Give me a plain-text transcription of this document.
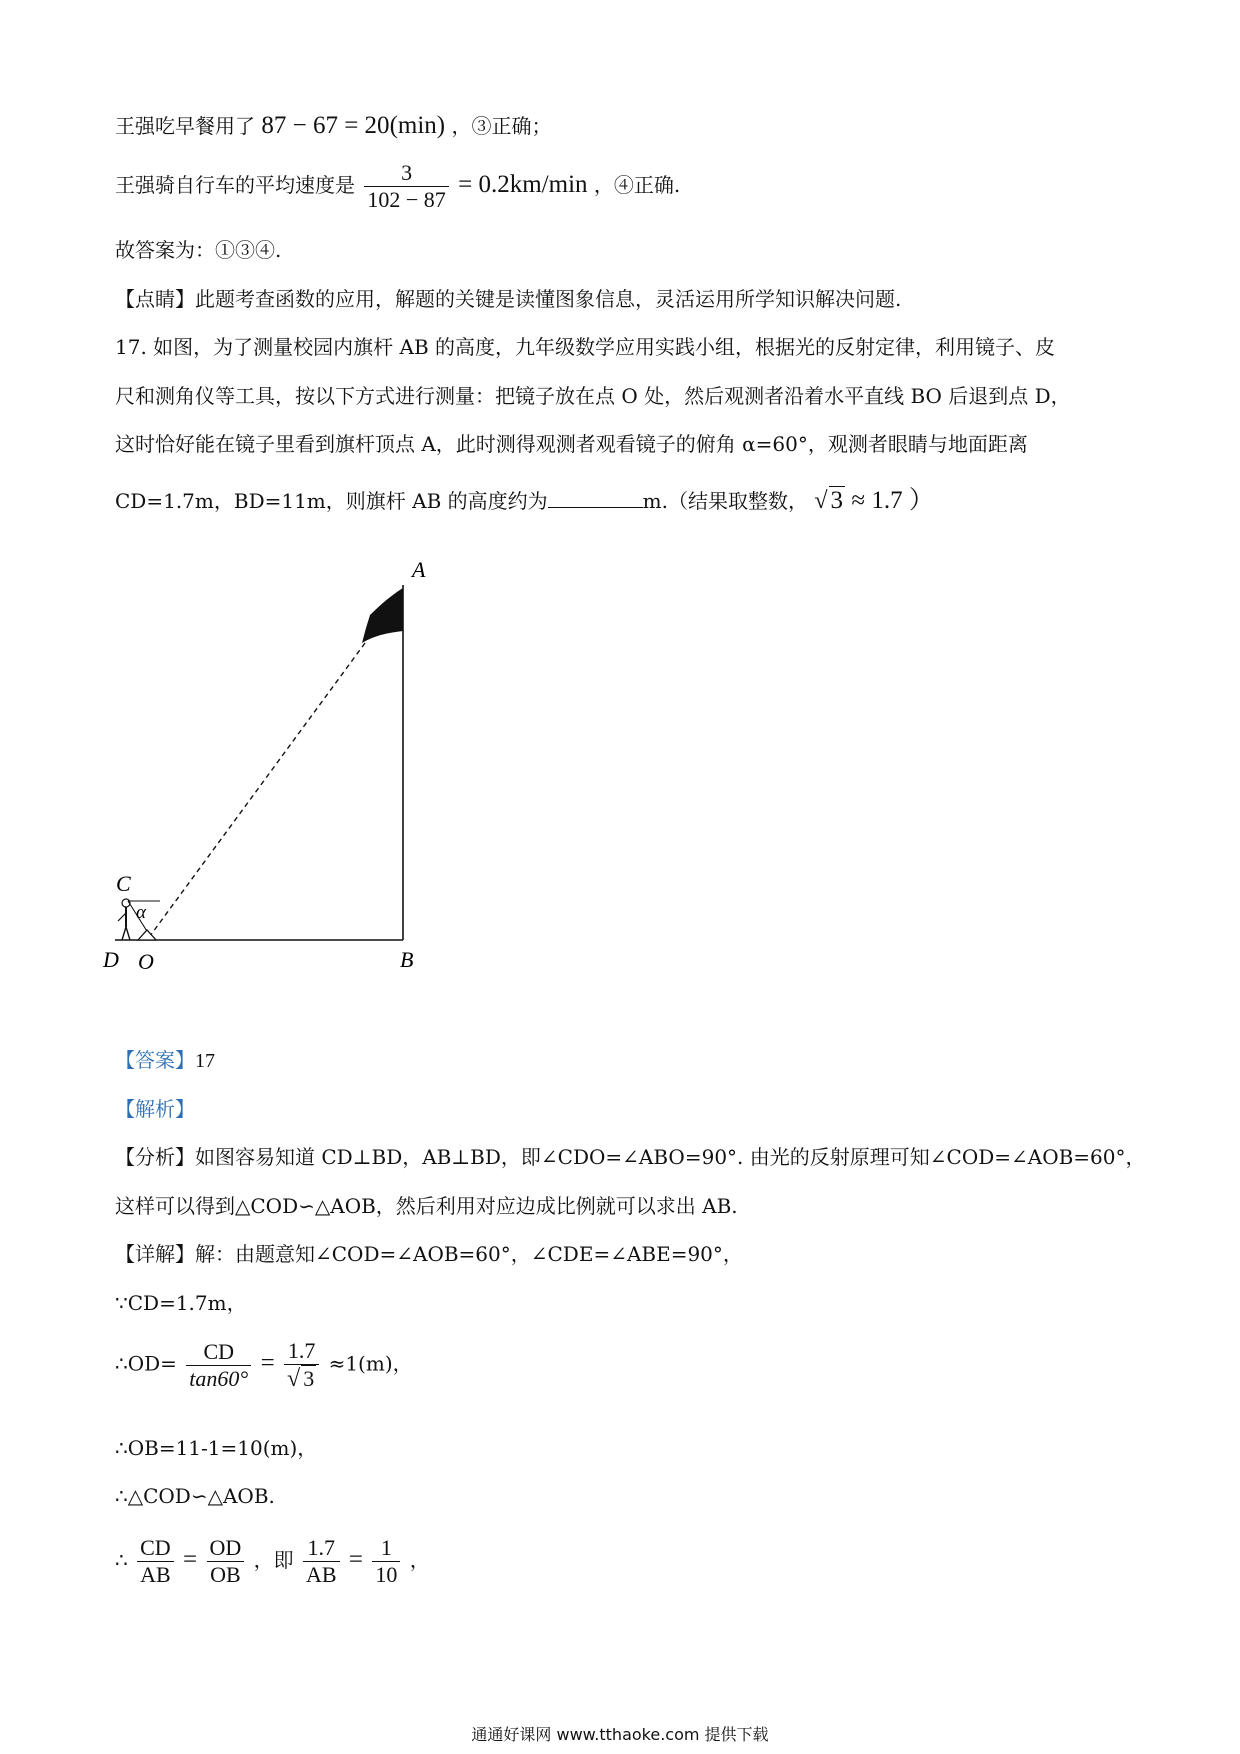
王强吃早餐用了 87 − 67 = 20(min) ，③正确；
王强骑自行车的平均速度是 $\frac{3}{102 - 87} = 0.2km/\min$ ，④正确.
故答案为：①③④.
【点睛】此题考查函数的应用，解题的关键是读懂图象信息，灵活运用所学知识解决问题.
17. 如图，为了测量校园内旗杆 AB 的高度，九年级数学应用实践小组，根据光的反射定律，利用镜子、皮
尺和测角仪等工具，按以下方式进行测量：把镜子放在点 O 处，然后观测者沿着水平直线 BO 后退到点 D，
这时恰好能在镜子里看到旗杆顶点 A，此时测得观测者观看镜子的俯角 α=60°，观测者眼睛与地面距离
CD=1.7m，BD=11m，则旗杆 AB 的高度约为	m.（结果取整数， √ 3 ≈ 1.7 ）
A
B
C
D O
α
【答案】17
【解析】
【分析】如图容易知道 CD⊥BD，AB⊥BD，即∠CDO=∠ABO=90°. 由光的反射原理可知∠COD=∠AOB=60°，
这样可以得到△COD∽△AOB，然后利用对应边成比例就可以求出 AB.
【详解】解：由题意知∠COD=∠AOB=60°，∠CDE=∠ABE=90°，
∵CD=1.7m，
∴OD= $\frac{CD}{\tan 60^\circ} = \frac{1.7}{√ 3} \approx 1(m)$，
∴OB=11-1=10(m)，
∴△COD∽△AOB.
∴ $\frac{CD}{AB} = \frac{OD}{OB}$ ，即 $\frac{1.7}{AB} = \frac{1}{10}$ ，
通通好课网 www.tthaoke.com 提供下载
